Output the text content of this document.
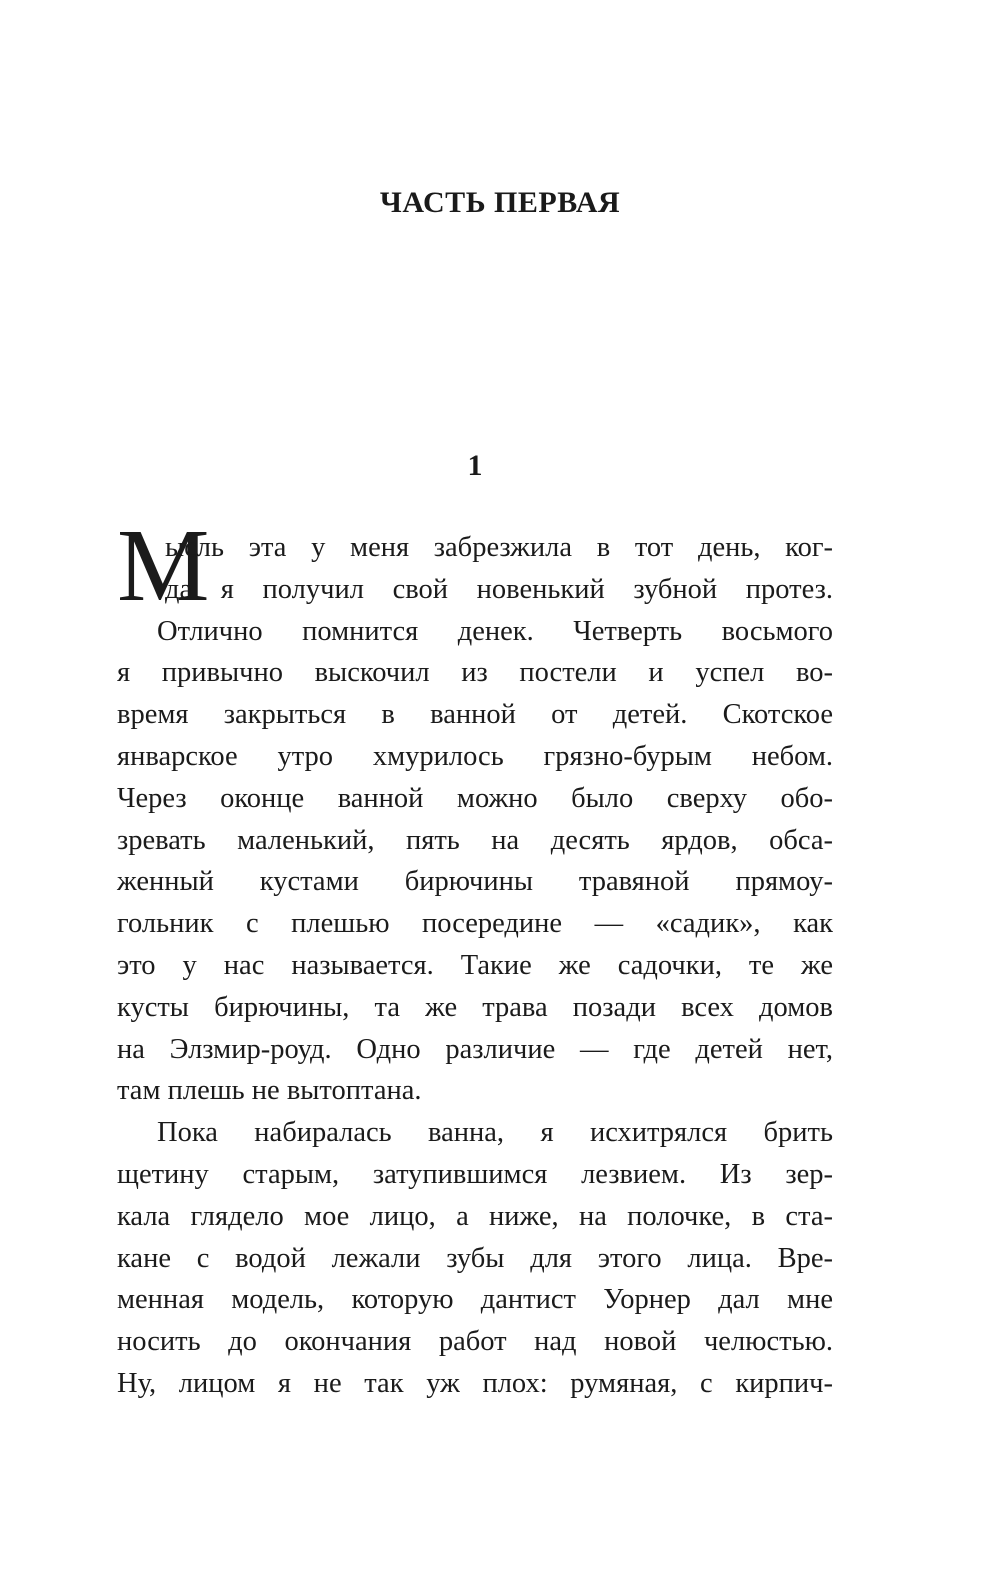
ЧАСТЬ ПЕРВАЯ
1
М
ысль эта у меня забрезжила в тот день, ког-
да я получил свой новенький зубной протез.
Отлично помнится денек. Четверть восьмого
я привычно выскочил из постели и успел во-
время закрыться в ванной от детей. Скотское
январское утро хмурилось грязно-бурым небом.
Через оконце ванной можно было сверху обо-
зревать маленький, пять на десять ярдов, обса-
женный кустами бирючины травяной прямоу-
гольник с плешью посередине — «садик», как
это у нас называется. Такие же садочки, те же
кусты бирючины, та же трава позади всех домов
на Элзмир-роуд. Одно различие — где детей нет,
там плешь не вытоптана.
Пока набиралась ванна, я исхитрялся брить
щетину старым, затупившимся лезвием. Из зер-
кала глядело мое лицо, а ниже, на полочке, в ста-
кане с водой лежали зубы для этого лица. Вре-
менная модель, которую дантист Уорнер дал мне
носить до окончания работ над новой челюстью.
Ну, лицом я не так уж плох: румяная, с кирпич-
